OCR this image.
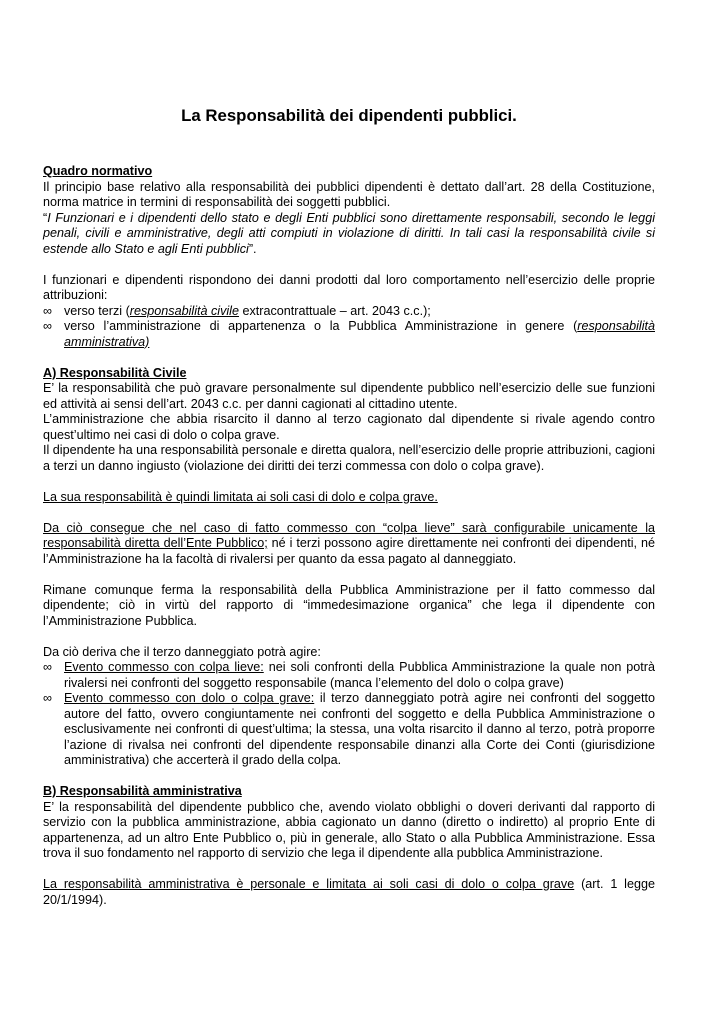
La Responsabilità dei dipendenti pubblici.
Quadro normativo

Il principio base relativo alla responsabilità dei pubblici dipendenti è dettato dall’art. 28 della Costituzione, norma matrice in termini di responsabilità dei soggetti pubblici.

“I Funzionari e i dipendenti dello stato e degli Enti pubblici sono direttamente responsabili, secondo le leggi penali, civili e amministrative, degli atti compiuti in violazione di diritti. In tali casi la responsabilità civile si estende allo Stato e agli Enti pubblici”.

I funzionari e dipendenti rispondono dei danni prodotti dal loro comportamento nell’esercizio delle proprie attribuzioni:

∞ verso terzi (responsabilità civile extracontrattuale – art. 2043 c.c.);
∞ verso l’amministrazione di appartenenza o la Pubblica Amministrazione in genere (responsabilità amministrativa)
A) Responsabilità Civile

E’ la responsabilità che può gravare personalmente sul dipendente pubblico nell’esercizio delle sue funzioni ed attività ai sensi dell’art. 2043 c.c. per danni cagionati al cittadino utente.

L’amministrazione che abbia risarcito il danno al terzo cagionato dal dipendente si rivale agendo contro quest’ultimo nei casi di dolo o colpa grave.

Il dipendente ha una responsabilità personale e diretta qualora, nell’esercizio delle proprie attribuzioni, cagioni a terzi un danno ingiusto (violazione dei diritti dei terzi commessa con dolo o colpa grave).

La sua responsabilità è quindi limitata ai soli casi di dolo e colpa grave.

Da ciò consegue che nel caso di fatto commesso con “colpa lieve” sarà configurabile unicamente la responsabilità diretta dell’Ente Pubblico; né i terzi possono agire direttamente nei confronti dei dipendenti, né l’Amministrazione ha la facoltà di rivalersi per quanto da essa pagato al danneggiato.

Rimane comunque ferma la responsabilità della Pubblica Amministrazione per il fatto commesso dal dipendente; ciò in virtù del rapporto di “immedesimazione organica” che lega il dipendente con l’Amministrazione Pubblica.

Da ciò deriva che il terzo danneggiato potrà agire:

∞ Evento commesso con colpa lieve: nei soli confronti della Pubblica Amministrazione la quale non potrà rivalersi nei confronti del soggetto responsabile (manca l’elemento del dolo o colpa grave)
∞ Evento commesso con dolo o colpa grave: il terzo danneggiato potrà agire nei confronti del soggetto autore del fatto, ovvero congiuntamente nei confronti del soggetto e della Pubblica Amministrazione o esclusivamente nei confronti di quest’ultima; la stessa, una volta risarcito il danno al terzo, potrà proporre l’azione di rivalsa nei confronti del dipendente responsabile dinanzi alla Corte dei Conti (giurisdizione amministrativa) che accerterà il grado della colpa.
B) Responsabilità amministrativa

E’ la responsabilità del dipendente pubblico che, avendo violato obblighi o doveri derivanti dal rapporto di servizio con la pubblica amministrazione, abbia cagionato un danno (diretto o indiretto) al proprio Ente di appartenenza, ad un altro Ente Pubblico o, più in generale, allo Stato o alla Pubblica Amministrazione. Essa trova il suo fondamento nel rapporto di servizio che lega il dipendente alla pubblica Amministrazione.

La responsabilità amministrativa è personale e limitata ai soli casi di dolo o colpa grave (art. 1 legge 20/1/1994).
